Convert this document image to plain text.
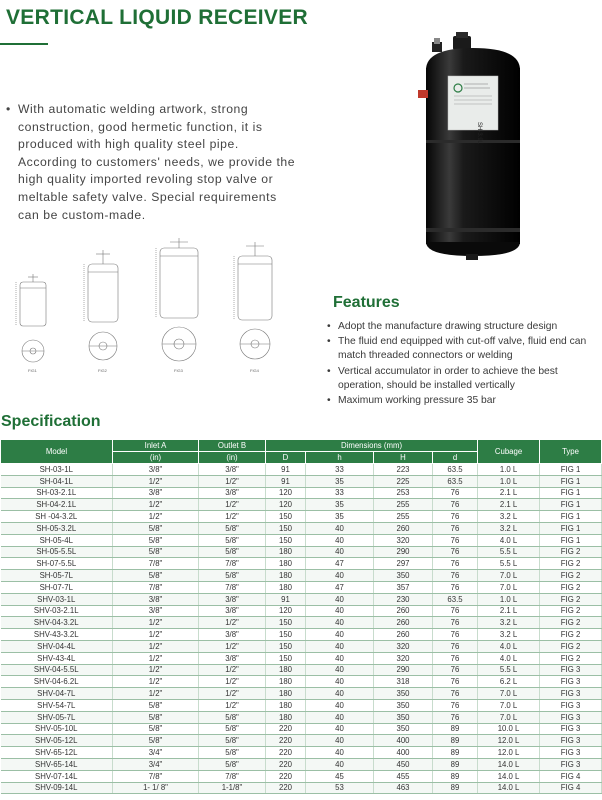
VERTICAL LIQUID RECEIVER
• With automatic welding artwork, strong construction, good hermetic function, it is produced with high quality steel pipe. According to customers' needs, we provide the high quality imported revoling stop valve or meltable safety valve. Special requirements can be custom-made.
SH-3.9L
FIG1	FIG2	FIG3	FIG4
Features
• Adopt the manufacture drawing structure design
• The fluid end equipped with cut-off valve, fluid end can match threaded connectors or welding
• Vertical accumulator in order to achieve the best operation, should be installed vertically
• Maximum working pressure 35 bar
Specification
Model	Inlet A	Outlet B	Dimensions (mm)				Cubage	Type
	(in)	(in)	D	h	H	d		
SH-03-1L	3/8"	3/8"	91	33	223	63.5	1.0 L	FIG 1
SH-04-1L	1/2"	1/2"	91	35	225	63.5	1.0 L	FIG 1
SH-03-2.1L	3/8"	3/8"	120	33	253	76	2.1 L	FIG 1
SH-04-2.1L	1/2"	1/2"	120	35	255	76	2.1 L	FIG 1
SH -04-3.2L	1/2"	1/2"	150	35	255	76	3.2 L	FIG 1
SH-05-3.2L	5/8"	5/8"	150	40	260	76	3.2 L	FIG 1
SH-05-4L	5/8"	5/8"	150	40	320	76	4.0 L	FIG 1
SH-05-5.5L	5/8"	5/8"	180	40	290	76	5.5 L	FIG 2
SH-07-5.5L	7/8"	7/8"	180	47	297	76	5.5 L	FIG 2
SH-05-7L	5/8"	5/8"	180	40	350	76	7.0 L	FIG 2
SH-07-7L	7/8"	7/8"	180	47	357	76	7.0 L	FIG 2
SHV-03-1L	3/8"	3/8"	91	40	230	63.5	1.0 L	FIG 2
SHV-03-2.1L	3/8"	3/8"	120	40	260	76	2.1 L	FIG 2
SHV-04-3.2L	1/2"	1/2"	150	40	260	76	3.2 L	FIG 2
SHV-43-3.2L	1/2"	3/8"	150	40	260	76	3.2 L	FIG 2
SHV-04-4L	1/2"	1/2"	150	40	320	76	4.0 L	FIG 2
SHV-43-4L	1/2"	3/8"	150	40	320	76	4.0 L	FIG 2
SHV-04-5.5L	1/2"	1/2"	180	40	290	76	5.5 L	FIG 3
SHV-04-6.2L	1/2"	1/2"	180	40	318	76	6.2 L	FIG 3
SHV-04-7L	1/2"	1/2"	180	40	350	76	7.0 L	FIG 3
SHV-54-7L	5/8"	1/2"	180	40	350	76	7.0 L	FIG 3
SHV-05-7L	5/8"	5/8"	180	40	350	76	7.0 L	FIG 3
SHV-05-10L	5/8"	5/8"	220	40	350	89	10.0 L	FIG 3
SHV-05-12L	5/8"	5/8"	220	40	400	89	12.0 L	FIG 3
SHV-65-12L	3/4"	5/8"	220	40	400	89	12.0 L	FIG 3
SHV-65-14L	3/4"	5/8"	220	40	450	89	14.0 L	FIG 3
SHV-07-14L	7/8"	7/8"	220	45	455	89	14.0 L	FIG 4
SHV-09-14L	1- 1/ 8"	1-1/8"	220	53	463	89	14.0 L	FIG 4
